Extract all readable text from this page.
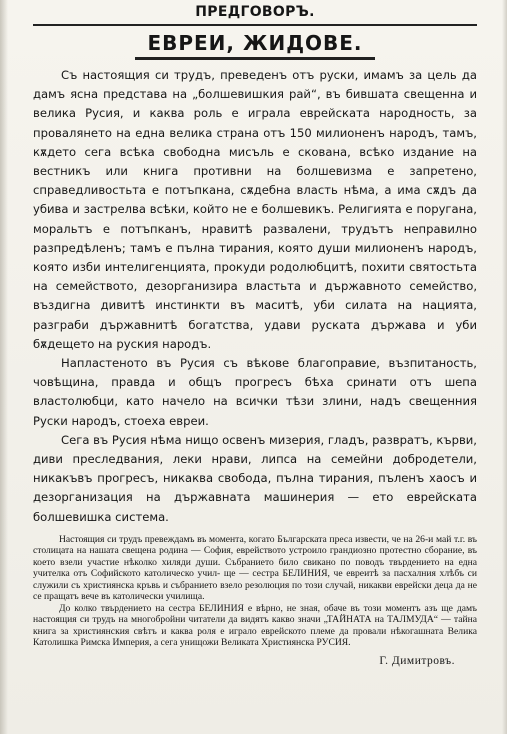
ПРЕДГОВОРЪ.
ЕВРЕИ, ЖИДОВЕ.

Съ настоящия си трудъ, преведенъ отъ руски, имамъ за цель да дамъ ясна представа на „болшевишкия рай“, въ бившата свещенна и велика Русия, и каква роль е играла еврейската народность, за провалянето на една велика страна отъ 150 милионенъ народъ, тамъ, кѫдето сега всѣка свободна мисъль е скована, всѣко издание на вестникъ или книга противни на болшевизма е запретено, справедливостьта е потъпкана, сѫдебна власть нѣма, а има сѫдъ да убива и застрелва всѣки, който не е болшевикъ. Религията е поругана, моральтъ е потъпканъ, нравитѣ развалени, трудътъ неправилно разпредѣленъ; тамъ е пълна тирания, която души милионенъ народъ, която изби интелигенцията, прокуди родолюбцитѣ, похити святостьта на семейството, дезорганизира властьта и държавното семейство, въздигна дивитѣ инстинкти въ маситѣ, уби силата на нацията, разграби държавнитѣ богатства, удави руската държава и уби бѫдещето на руския народъ.

Напластеното въ Русия съ вѣкове благоправие, възпитаность, човѣщина, правда и общъ прогресъ бѣха сринати отъ шепа властолюбци, като начело на всички тѣзи злини, надъ свещенния Руски народъ, стоеха евреи.

Сега въ Русия нѣма нищо освенъ мизерия, гладъ, развратъ, кърви, диви преследвания, леки нрави, липса на семейни добродетели, никакъвъ прогресъ, никаква свобода, пълна тирания, пъленъ хаосъ и дезорганизация на държавната машинерия — ето еврейската болшевишка система.

Настоящия си трудъ превеждамъ въ момента, когато Българската преса извести, че на 26-и май т.г. въ столицата на нашата свещена родина — София, еврейството устроило грандиозно протестно сборание, въ което взели участие нѣколко хиляди души. Събранието било свикано по поводъ твърдението на една учителка отъ Софийското католическо учил- ще — сестра БЕЛИНИЯ, че евреитѣ за пасхалния хлѣбъ си служили съ християнска кръвь и събранието взело резолюция по този случай, никакви еврейски деца да не се пращатъ вече въ католически училища.

До колко твърдението на сестра БЕЛИНИЯ е вѣрно, не зная, обаче въ този моментъ азъ ще дамъ настоящия си трудъ на многобройни читатели да видятъ какво значи „ТАЙНАТА на ТАЛМУДА“ — тайна книга за християнския свѣтъ и каква роля е играло еврейското племе да провали нѣкогашната Велика Католишка Римска Империя, а сега унищожи Великата Християнска РУСИЯ.

Г. Димитровъ.
